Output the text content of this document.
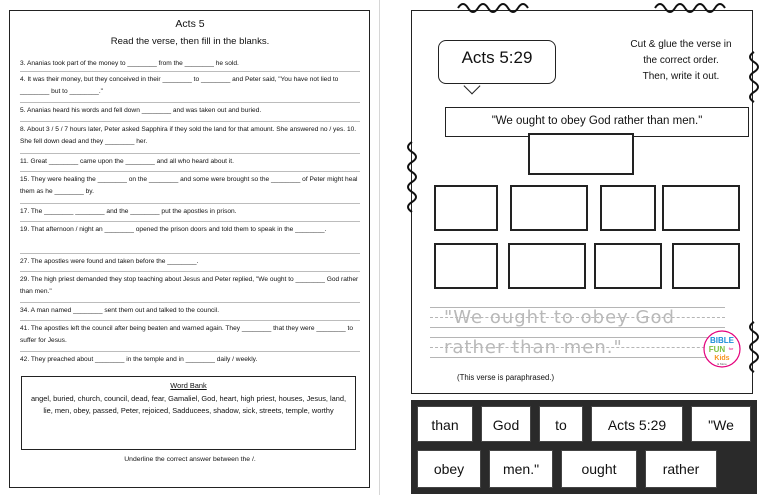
Acts 5
Read the verse, then fill in the blanks.
3. Ananias took part of the money to ________ from the ________ he sold.
4. It was their money, but they conceived in their ________ to ________ and Peter said, "You have not lied to ________ but to ________."
5. Ananias heard his words and fell down ________ and was taken out and buried.
8. About 3 / 5 / 7 hours later, Peter asked Sapphira if they sold the land for that amount. She answered no / yes. 10. She fell down dead and they ________ her.
11. Great ________ came upon the ________ and all who heard about it.
15. They were healing the ________ on the ________ and some were brought so the ________ of Peter might heal them as he ________ by.
17. The ________ ________ and the ________ put the apostles in prison.
19. That afternoon / night an ________ opened the prison doors and told them to speak in the ________.
27. The apostles were found and taken before the ________.
29. The high priest demanded they stop teaching about Jesus and Peter replied, "We ought to ________ God rather than men."
34. A man named ________ sent them out and talked to the council.
41. The apostles left the council after being beaten and warned again. They ________ that they were ________ to suffer for Jesus.
42. They preached about ________ in the temple and in ________ daily / weekly.
Word Bank
angel, buried, church, council, dead, fear, Gamaliel, God, heart, high priest, houses, Jesus, land, lie, men, obey, passed, Peter, rejoiced, Sadducees, shadow, sick, streets, temple, worthy
Underline the correct answer between the /.
Acts 5:29
Cut & glue the verse in
the correct order.
Then, write it out.
"We ought to obey God rather than men."
"We ought to obey God
rather than men."
(This verse is paraphrased.)
BIBLE
FUN for
Kids
& More
than	God	to	Acts 5:29	"We
obey	men."	ought	rather
